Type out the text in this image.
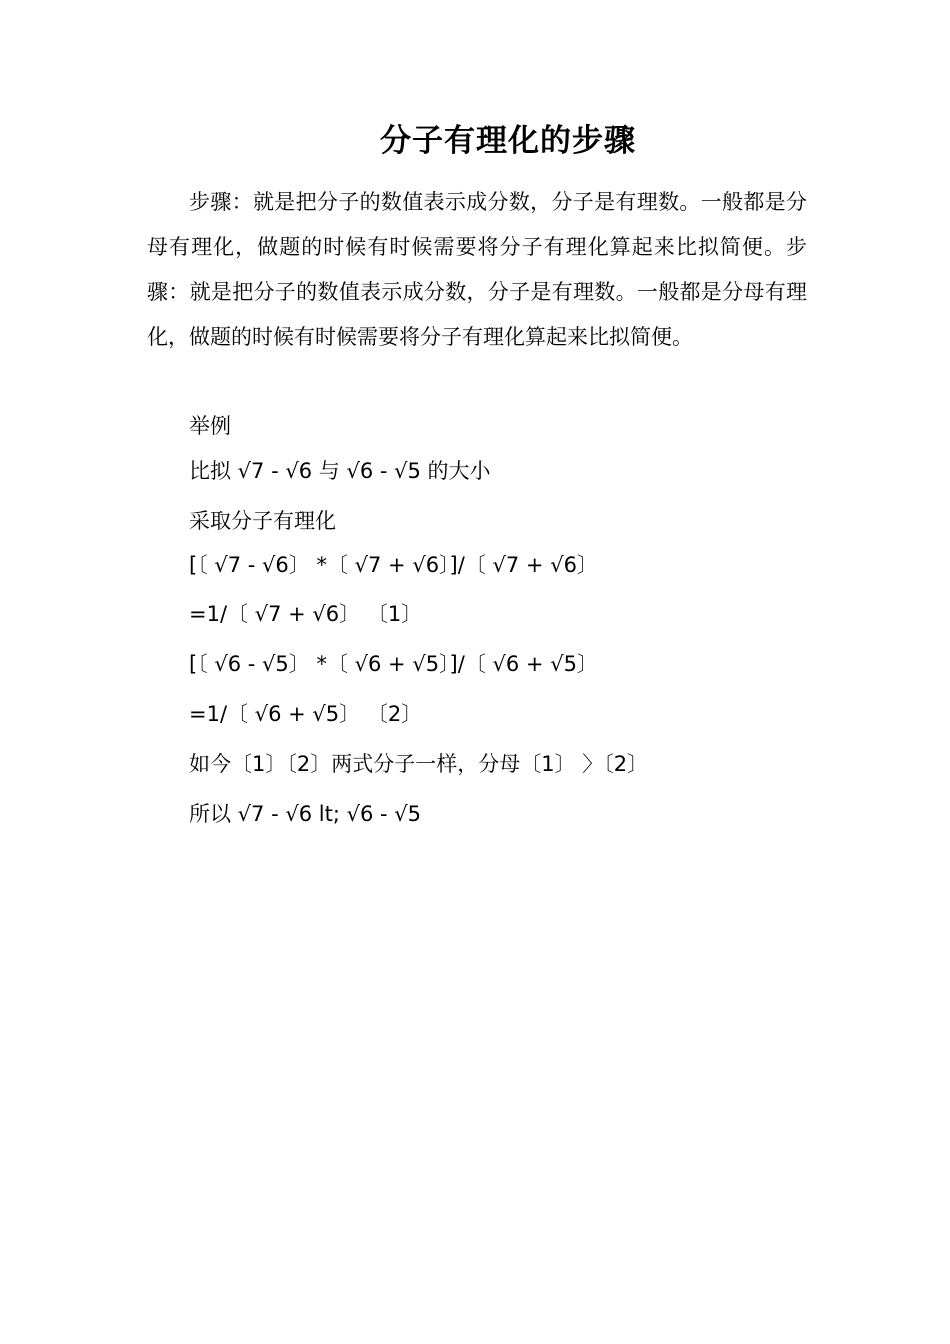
分子有理化的步骤

步骤：就是把分子的数值表示成分数，分子是有理数。一般都是分母有理化，做题的时候有时候需要将分子有理化算起来比拟简便。步骤：就是把分子的数值表示成分数，分子是有理数。一般都是分母有理化，做题的时候有时候需要将分子有理化算起来比拟简便。

举例
比拟 √7 - √6 与 √6 - √5 的大小
采取分子有理化
[〔 √7 - √6〕 *〔 √7 + √6〕]/〔 √7 + √6〕
=1/〔 √7 + √6〕 〔1〕
[〔 √6 - √5〕 *〔 √6 + √5〕]/〔 √6 + √5〕
=1/〔 √6 + √5〕 〔2〕
如今〔1〕〔2〕两式分子一样，分母〔1〕 〉〔2〕
所以 √7 - √6 lt; √6 - √5
